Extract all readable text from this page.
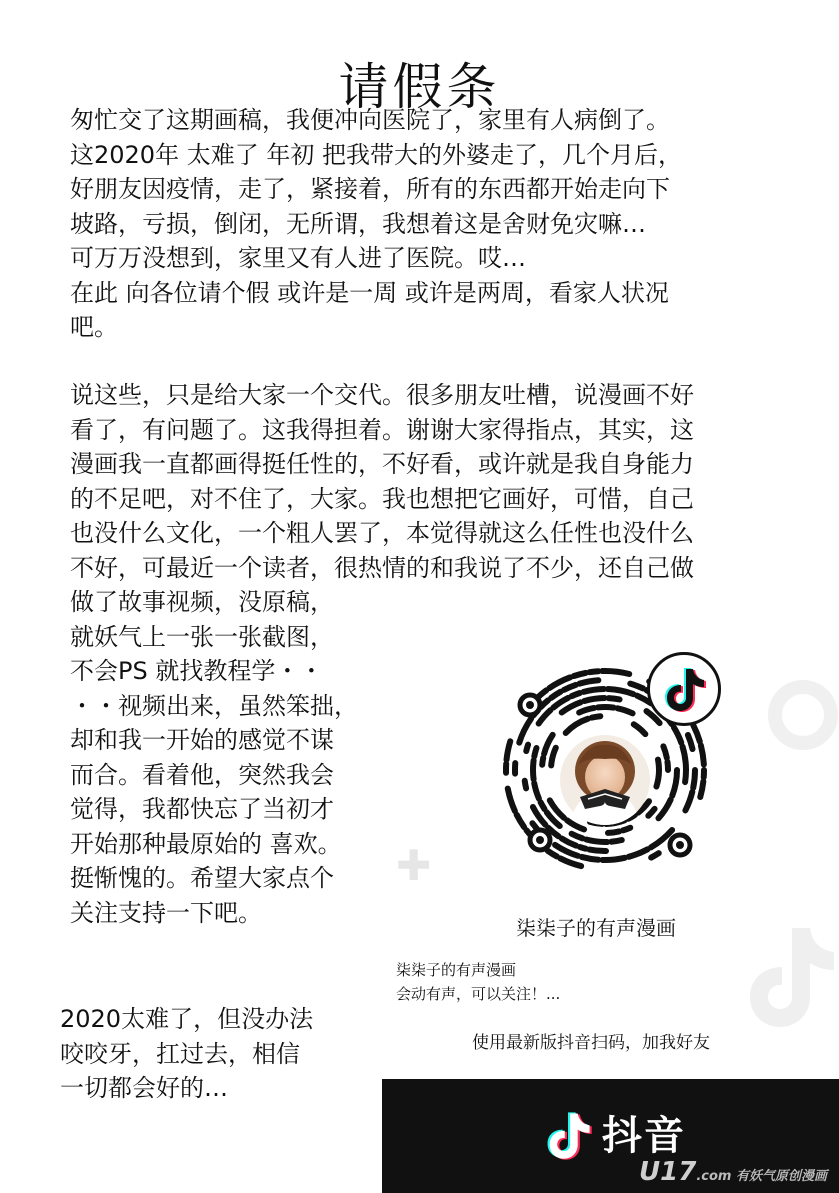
请假条

匆忙交了这期画稿，我便冲向医院了，家里有人病倒了。
这2020年 太难了 年初 把我带大的外婆走了，几个月后，
好朋友因疫情，走了，紧接着，所有的东西都开始走向下
坡路，亏损，倒闭，无所谓，我想着这是舍财免灾嘛…
可万万没想到，家里又有人进了医院。哎…
在此 向各位请个假 或许是一周 或许是两周，看家人状况
吧。

说这些，只是给大家一个交代。很多朋友吐槽，说漫画不好
看了，有问题了。这我得担着。谢谢大家得指点，其实，这
漫画我一直都画得挺任性的，不好看，或许就是我自身能力
的不足吧，对不住了，大家。我也想把它画好，可惜，自己
也没什么文化，一个粗人罢了，本觉得就这么任性也没什么
不好，可最近一个读者，很热情的和我说了不少，还自己做
做了故事视频，没原稿，
就妖气上一张一张截图，
不会PS 就找教程学・・
・・视频出来，虽然笨拙，
却和我一开始的感觉不谋
而合。看着他，突然我会
觉得，我都快忘了当初才
开始那种最原始的 喜欢。
挺惭愧的。希望大家点个
关注支持一下吧。

2020太难了，但没办法
咬咬牙，扛过去，相信
一切都会好的…

✚
✦
柒柒子的有声漫画
柒柒子的有声漫画
会动有声，可以关注！...
使用最新版抖音扫码，加我好友
抖音
U17.com 有妖气原创漫画
